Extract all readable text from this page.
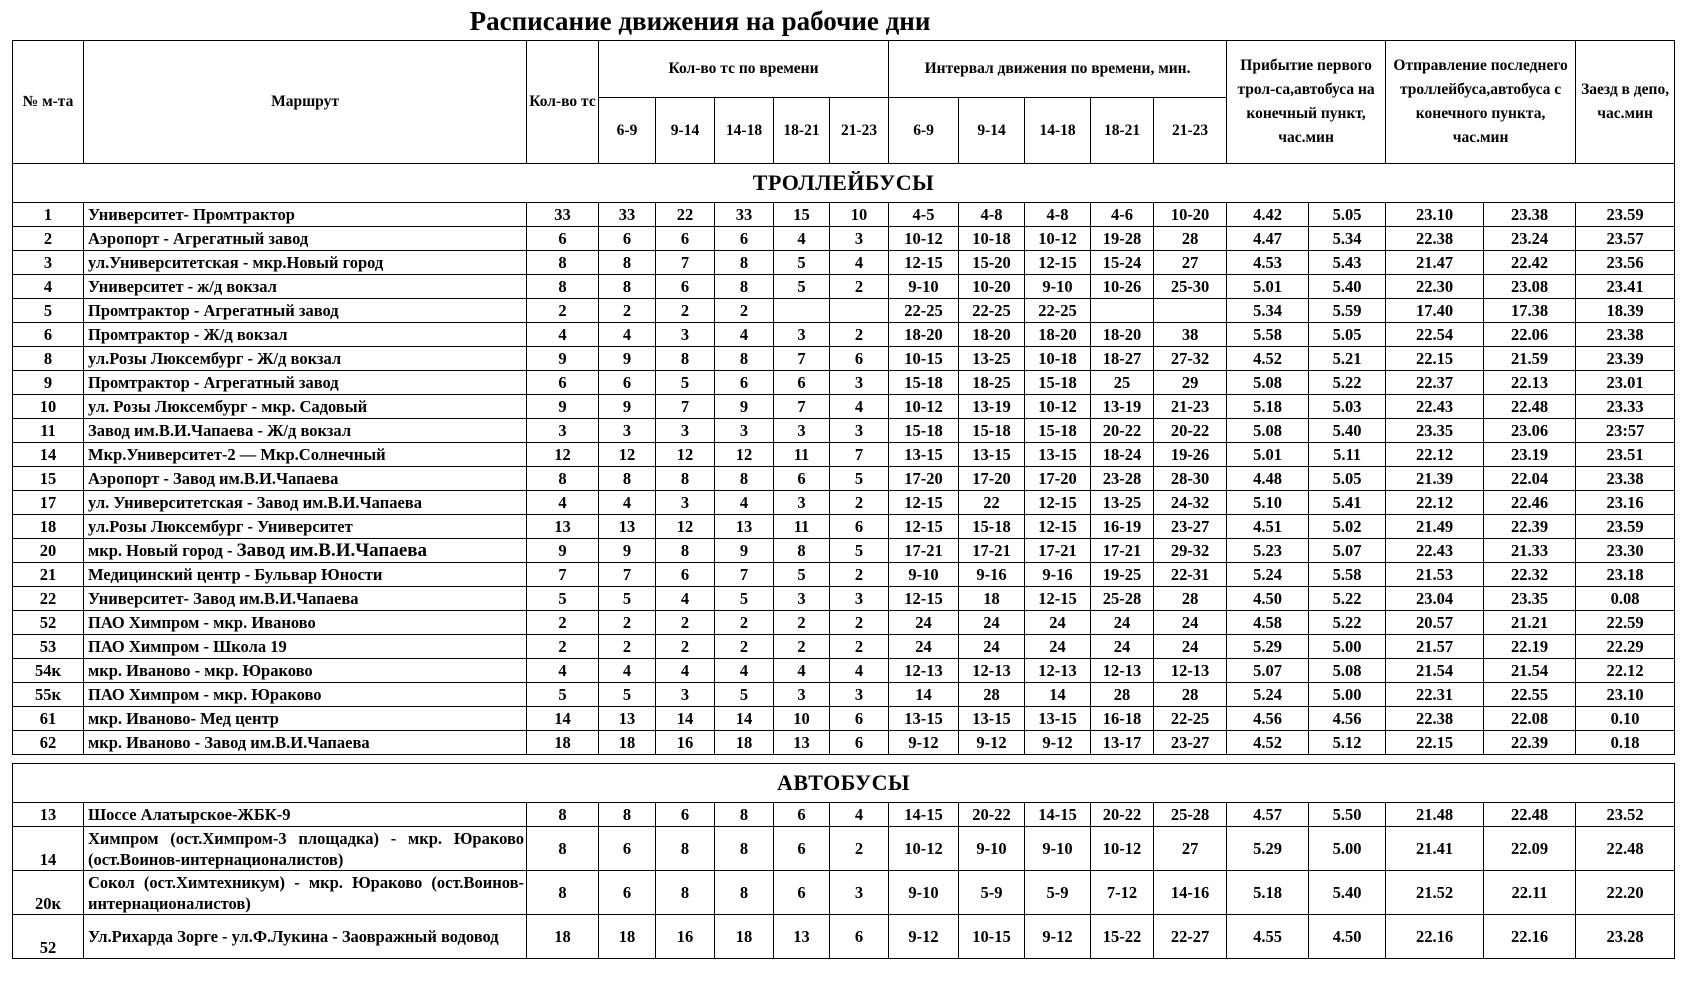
Расписание движения на рабочие дни
№ м-та	Маршрут	Кол-во тс	Кол-во тс по времени					Интервал движения по времени, мин.					Прибытие первого трол-са,автобуса на конечный пункт, час.мин		Отправление последнего троллейбуса,автобуса с конечного пункта, час.мин		Заезд в депо, час.мин
			6-9	9-14	14-18	18-21	21-23	6-9	9-14	14-18	18-21	21-23					
ТРОЛЛЕЙБУСЫ																	
1	Университет- Промтрактор	33	33	22	33	15	10	4-5	4-8	4-8	4-6	10-20	4.42	5.05	23.10	23.38	23.59
2	Аэропорт - Агрегатный завод	6	6	6	6	4	3	10-12	10-18	10-12	19-28	28	4.47	5.34	22.38	23.24	23.57
3	ул.Университетская - мкр.Новый город	8	8	7	8	5	4	12-15	15-20	12-15	15-24	27	4.53	5.43	21.47	22.42	23.56
4	Университет - ж/д вокзал	8	8	6	8	5	2	9-10	10-20	9-10	10-26	25-30	5.01	5.40	22.30	23.08	23.41
5	Промтрактор - Агрегатный завод	2	2	2	2			22-25	22-25	22-25			5.34	5.59	17.40	17.38	18.39
6	Промтрактор - Ж/д вокзал	4	4	3	4	3	2	18-20	18-20	18-20	18-20	38	5.58	5.05	22.54	22.06	23.38
8	ул.Розы Люксембург - Ж/д вокзал	9	9	8	8	7	6	10-15	13-25	10-18	18-27	27-32	4.52	5.21	22.15	21.59	23.39
9	Промтрактор - Агрегатный завод	6	6	5	6	6	3	15-18	18-25	15-18	25	29	5.08	5.22	22.37	22.13	23.01
10	ул. Розы Люксембург - мкр. Садовый	9	9	7	9	7	4	10-12	13-19	10-12	13-19	21-23	5.18	5.03	22.43	22.48	23.33
11	Завод им.В.И.Чапаева - Ж/д вокзал	3	3	3	3	3	3	15-18	15-18	15-18	20-22	20-22	5.08	5.40	23.35	23.06	23:57
14	Мкр.Университет-2 — Мкр.Солнечный	12	12	12	12	11	7	13-15	13-15	13-15	18-24	19-26	5.01	5.11	22.12	23.19	23.51
15	Аэропорт - Завод им.В.И.Чапаева	8	8	8	8	6	5	17-20	17-20	17-20	23-28	28-30	4.48	5.05	21.39	22.04	23.38
17	ул. Университетская - Завод им.В.И.Чапаева	4	4	3	4	3	2	12-15	22	12-15	13-25	24-32	5.10	5.41	22.12	22.46	23.16
18	ул.Розы Люксембург - Университет	13	13	12	13	11	6	12-15	15-18	12-15	16-19	23-27	4.51	5.02	21.49	22.39	23.59
20	мкр. Новый город - Завод им.В.И.Чапаева	9	9	8	9	8	5	17-21	17-21	17-21	17-21	29-32	5.23	5.07	22.43	21.33	23.30
21	Медицинский центр - Бульвар Юности	7	7	6	7	5	2	9-10	9-16	9-16	19-25	22-31	5.24	5.58	21.53	22.32	23.18
22	Университет- Завод им.В.И.Чапаева	5	5	4	5	3	3	12-15	18	12-15	25-28	28	4.50	5.22	23.04	23.35	0.08
52	ПАО Химпром - мкр. Иваново	2	2	2	2	2	2	24	24	24	24	24	4.58	5.22	20.57	21.21	22.59
53	ПАО Химпром - Школа 19	2	2	2	2	2	2	24	24	24	24	24	5.29	5.00	21.57	22.19	22.29
54к	мкр. Иваново - мкр. Юраково	4	4	4	4	4	4	12-13	12-13	12-13	12-13	12-13	5.07	5.08	21.54	21.54	22.12
55к	ПАО Химпром - мкр. Юраково	5	5	3	5	3	3	14	28	14	28	28	5.24	5.00	22.31	22.55	23.10
61	мкр. Иваново- Мед центр	14	13	14	14	10	6	13-15	13-15	13-15	16-18	22-25	4.56	4.56	22.38	22.08	0.10
62	мкр. Иваново - Завод им.В.И.Чапаева	18	18	16	18	13	6	9-12	9-12	9-12	13-17	23-27	4.52	5.12	22.15	22.39	0.18

АВТОБУСЫ																	
13	Шоссе Алатырское-ЖБК-9	8	8	6	8	6	4	14-15	20-22	14-15	20-22	25-28	4.57	5.50	21.48	22.48	23.52
14	Химпром (ост.Химпром-3 площадка) - мкр. Юраково (ост.Воинов-интернационалистов)	8	6	8	8	6	2	10-12	9-10	9-10	10-12	27	5.29	5.00	21.41	22.09	22.48
20к	Сокол (ост.Химтехникум) - мкр. Юраково (ост.Воинов-интернационалистов)	8	6	8	8	6	3	9-10	5-9	5-9	7-12	14-16	5.18	5.40	21.52	22.11	22.20
52	Ул.Рихарда Зорге - ул.Ф.Лукина - Заовражный водовод	18	18	16	18	13	6	9-12	10-15	9-12	15-22	22-27	4.55	4.50	22.16	22.16	23.28
